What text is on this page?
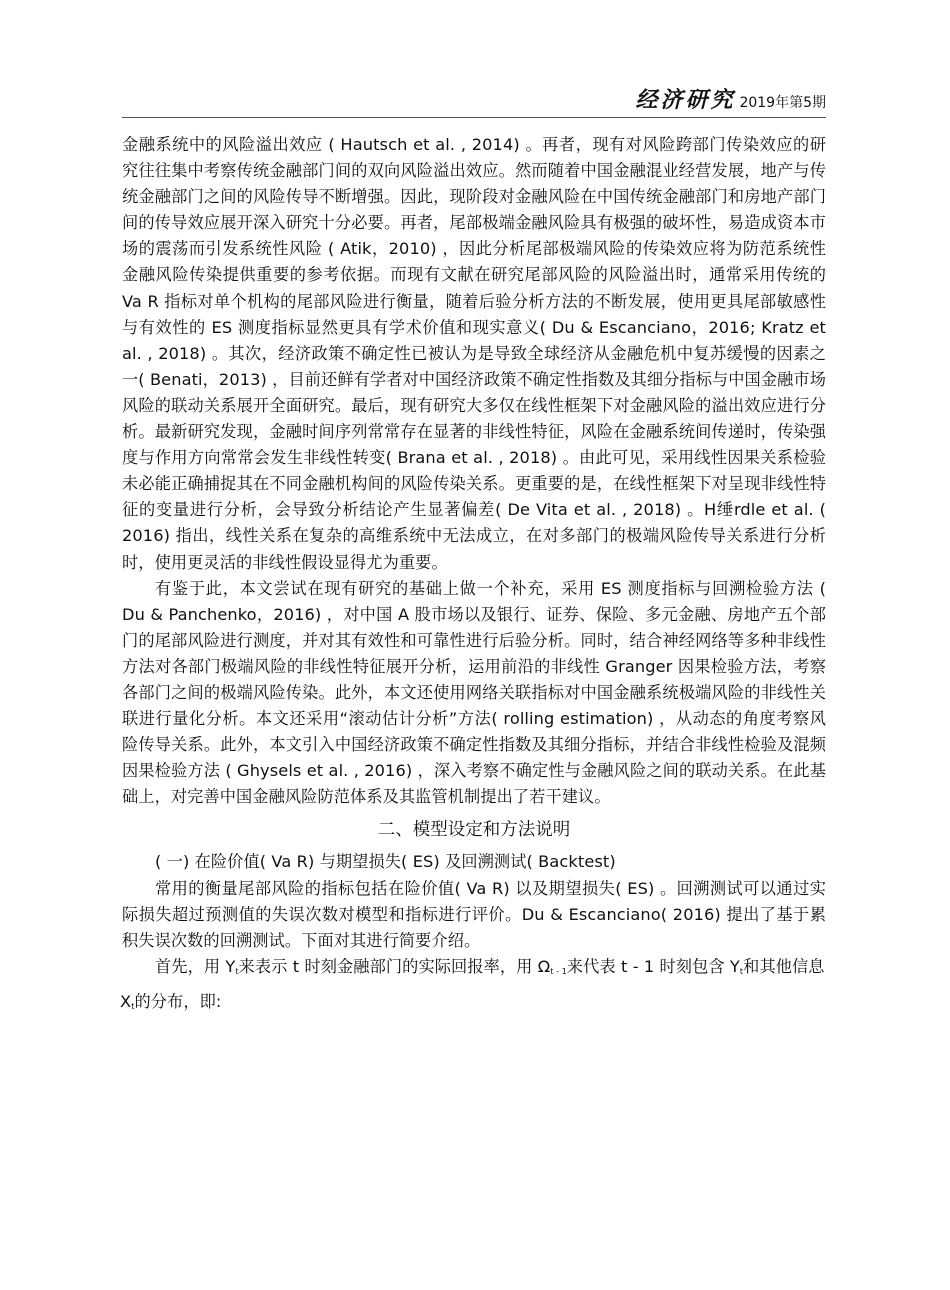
经济研究 2019年第5期

金融系统中的风险溢出效应 ( Hautsch et al. , 2014) 。再者，现有对风险跨部门传染效应的研究往往集中考察传统金融部门间的双向风险溢出效应。然而随着中国金融混业经营发展，地产与传统金融部门之间的风险传导不断增强。因此，现阶段对金融风险在中国传统金融部门和房地产部门间的传导效应展开深入研究十分必要。再者，尾部极端金融风险具有极强的破坏性，易造成资本市场的震荡而引发系统性风险 ( Atik，2010) ，因此分析尾部极端风险的传染效应将为防范系统性金融风险传染提供重要的参考依据。而现有文献在研究尾部风险的风险溢出时，通常采用传统的 Va R 指标对单个机构的尾部风险进行衡量，随着后验分析方法的不断发展，使用更具尾部敏感性与有效性的 ES 测度指标显然更具有学术价值和现实意义( Du & Escanciano，2016; Kratz et al. , 2018) 。其次，经济政策不确定性已被认为是导致全球经济从金融危机中复苏缓慢的因素之一( Benati，2013) ，目前还鲜有学者对中国经济政策不确定性指数及其细分指标与中国金融市场风险的联动关系展开全面研究。最后，现有研究大多仅在线性框架下对金融风险的溢出效应进行分析。最新研究发现，金融时间序列常常存在显著的非线性特征，风险在金融系统间传递时，传染强度与作用方向常常会发生非线性转变( Brana et al. , 2018) 。由此可见，采用线性因果关系检验未必能正确捕捉其在不同金融机构间的风险传染关系。更重要的是，在线性框架下对呈现非线性特征的变量进行分析，会导致分析结论产生显著偏差( De Vita et al. , 2018) 。H缍rdle et al. ( 2016) 指出，线性关系在复杂的高维系统中无法成立，在对多部门的极端风险传导关系进行分析时，使用更灵活的非线性假设显得尤为重要。

有鉴于此，本文尝试在现有研究的基础上做一个补充，采用 ES 测度指标与回溯检验方法 ( Du & Panchenko，2016) ，对中国 A 股市场以及银行、证券、保险、多元金融、房地产五个部门的尾部风险进行测度，并对其有效性和可靠性进行后验分析。同时，结合神经网络等多种非线性方法对各部门极端风险的非线性特征展开分析，运用前沿的非线性 Granger 因果检验方法，考察各部门之间的极端风险传染。此外，本文还使用网络关联指标对中国金融系统极端风险的非线性关联进行量化分析。本文还采用“滚动估计分析”方法( rolling estimation) ，从动态的角度考察风险传导关系。此外，本文引入中国经济政策不确定性指数及其细分指标，并结合非线性检验及混频因果检验方法 ( Ghysels et al. , 2016) ，深入考察不确定性与金融风险之间的联动关系。在此基础上，对完善中国金融风险防范体系及其监管机制提出了若干建议。

二、模型设定和方法说明

( 一) 在险价值( Va R) 与期望损失( ES) 及回溯测试( Backtest)

常用的衡量尾部风险的指标包括在险价值( Va R) 以及期望损失( ES) 。回溯测试可以通过实际损失超过预测值的失误次数对模型和指标进行评价。Du & Escanciano( 2016) 提出了基于累积失误次数的回溯测试。下面对其进行简要介绍。

首先，用 $Y_t$来表示 t 时刻金融部门的实际回报率，用 $\Omega_{t - 1}$来代表 t - 1 时刻包含 $Y_t$和其他信息

$X_t$的分布，即:
